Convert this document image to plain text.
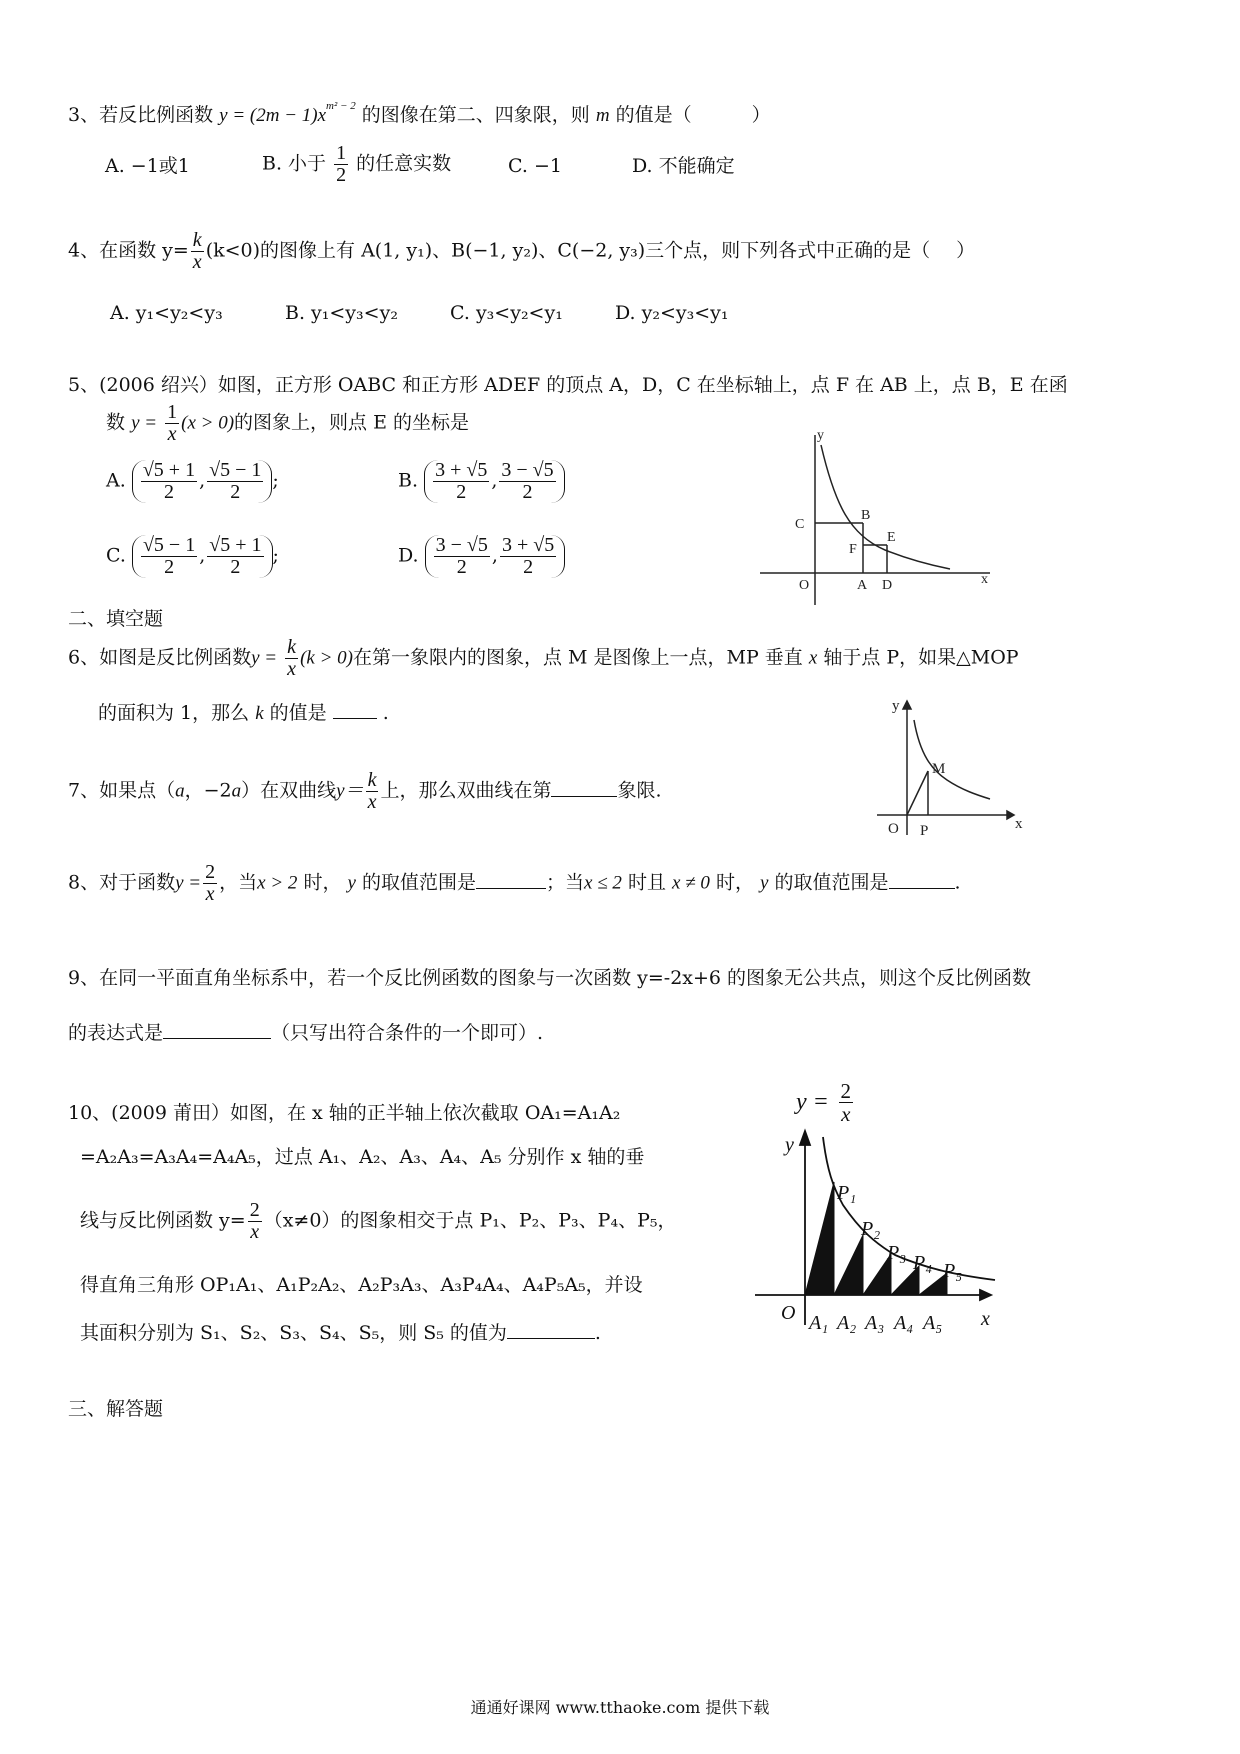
3、若反比例函数 $y = (2m - 1)x^{m^2 - 2}$ 的图像在第二、四象限，则 m 的值是（	）
A. −1或1	B. 小于 $\frac{1}{2}$ 的任意实数	C. −1	D. 不能确定
4、在函数 $y= \frac{k}{x} (k<0)$的图像上有 A(1, y₁)、B(−1, y₂)、C(−2, y₃)三个点，则下列各式中正确的是（ ）
A. y₁<y₂<y₃	B. y₁<y₃<y₂	C. y₃<y₂<y₁	D. y₂<y₃<y₁
5、(2006 绍兴）如图，正方形 OABC 和正方形 ADEF 的顶点 A，D，C 在坐标轴上，点 F 在 AB 上，点 B，E 在函
数 $y = \frac{1}{x} (x > 0)$的图象上，则点 E 的坐标是
A. $\frac{√5 + 1}{2}$ , $\frac{√5 - 1}{2}$ ;	B. $\frac{3 + √5}{2}$ , $\frac{3 - √5}{2}$
C. $\frac{√5 - 1}{2}$ , $\frac{√5 + 1}{2}$ ;	D. $\frac{3 - √5}{2}$ , $\frac{3 + √5}{2}$
y
x
O	A D
C
B
E
F
二、填空题
6、如图是反比例函数$y = \frac{k}{x} (k > 0)$在第一象限内的图象，点 M 是图像上一点，MP 垂直 x 轴于点 P，如果△MOP
的面积为 1，那么 k 的值是	.	y
x
O P
M
7、如果点（a，−2a）在双曲线$y= \frac{k}{x}$ 上，那么双曲线在第	象限.
8、对于函数$y = \frac{2}{x}$ ，当x > 2 时， y 的取值范围是	；当x ≤ 2 时且 x ≠ 0 时， y 的取值范围是	.
9、在同一平面直角坐标系中，若一个反比例函数的图象与一次函数 y=-2x+6 的图象无公共点，则这个反比例函数
的表达式是	（只写出符合条件的一个即可）.
10、(2009 莆田）如图，在 x 轴的正半轴上依次截取 OA₁=A₁A₂
=A₂A₃=A₃A₄=A₄A₅，过点 A₁、A₂、A₃、A₄、A₅ 分别作 x 轴的垂
线与反比例函数 $y= \frac{2}{x} (x\ne 0)$的图象相交于点 P₁、P₂、P₃、P₄、P₅，
得直角三角形 OP₁A₁、A₁P₂A₂、A₂P₃A₃、A₃P₄A₄、A₄P₅A₅，并设
其面积分别为 S₁、S₂、S₃、S₄、S₅，则 S₅ 的值为	.
$y = \frac{2}{x}$
y
x
O
P₁
P₂
P₃ P₄ P₅
A₁ A₂ A₃ A₄ A₅
三、解答题
通通好课网 www.tthaoke.com 提供下载
